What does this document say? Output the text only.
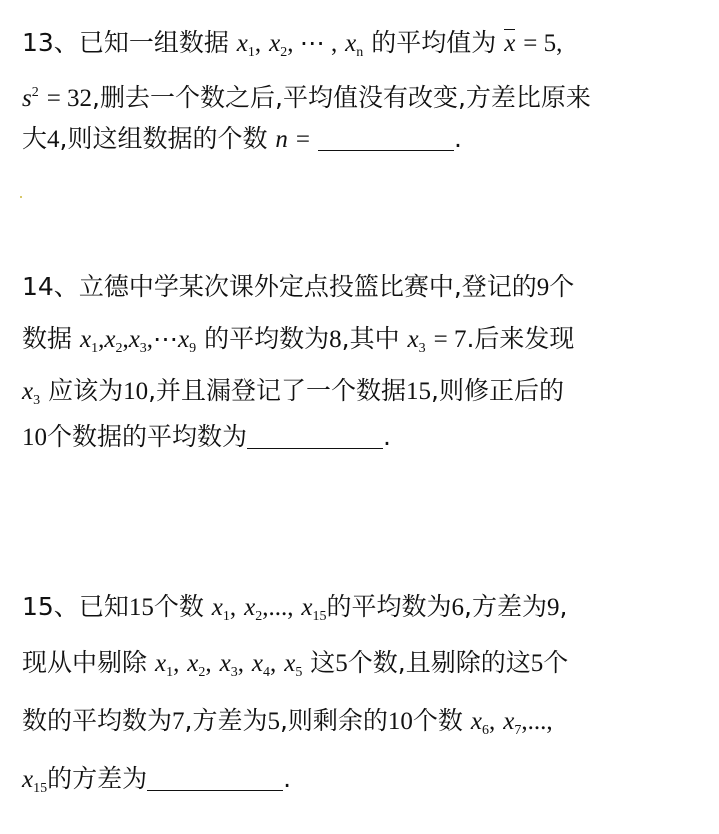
13、已知一组数据 $x_1$, $x_2$, ⋯ , $x_n$ 的平均值为 x = 5,
$s^2 = 32$,删去一个数之后,平均值没有改变,方差比原来
大4,则这组数据的个数 n =	.
14、立德中学某次课外定点投篮比赛中,登记的9个
数据 $x_1,x_2,x_3,\cdots x_9$ 的平均数为8,其中 $x_3 = 7$.后来发现
$x_3$ 应该为10,并且漏登记了一个数据15,则修正后的
10个数据的平均数为	.
15、已知15个数 $x_1$, $x_2$,..., $x_{15}$的平均数为6,方差为9,
现从中剔除 $x_1$, $x_2$, $x_3$, $x_4$, $x_5$ 这5个数,且剔除的这5个
数的平均数为7,方差为5,则剩余的10个数 $x_6$, $x_7$,...,
$x_{15}$的方差为	.
